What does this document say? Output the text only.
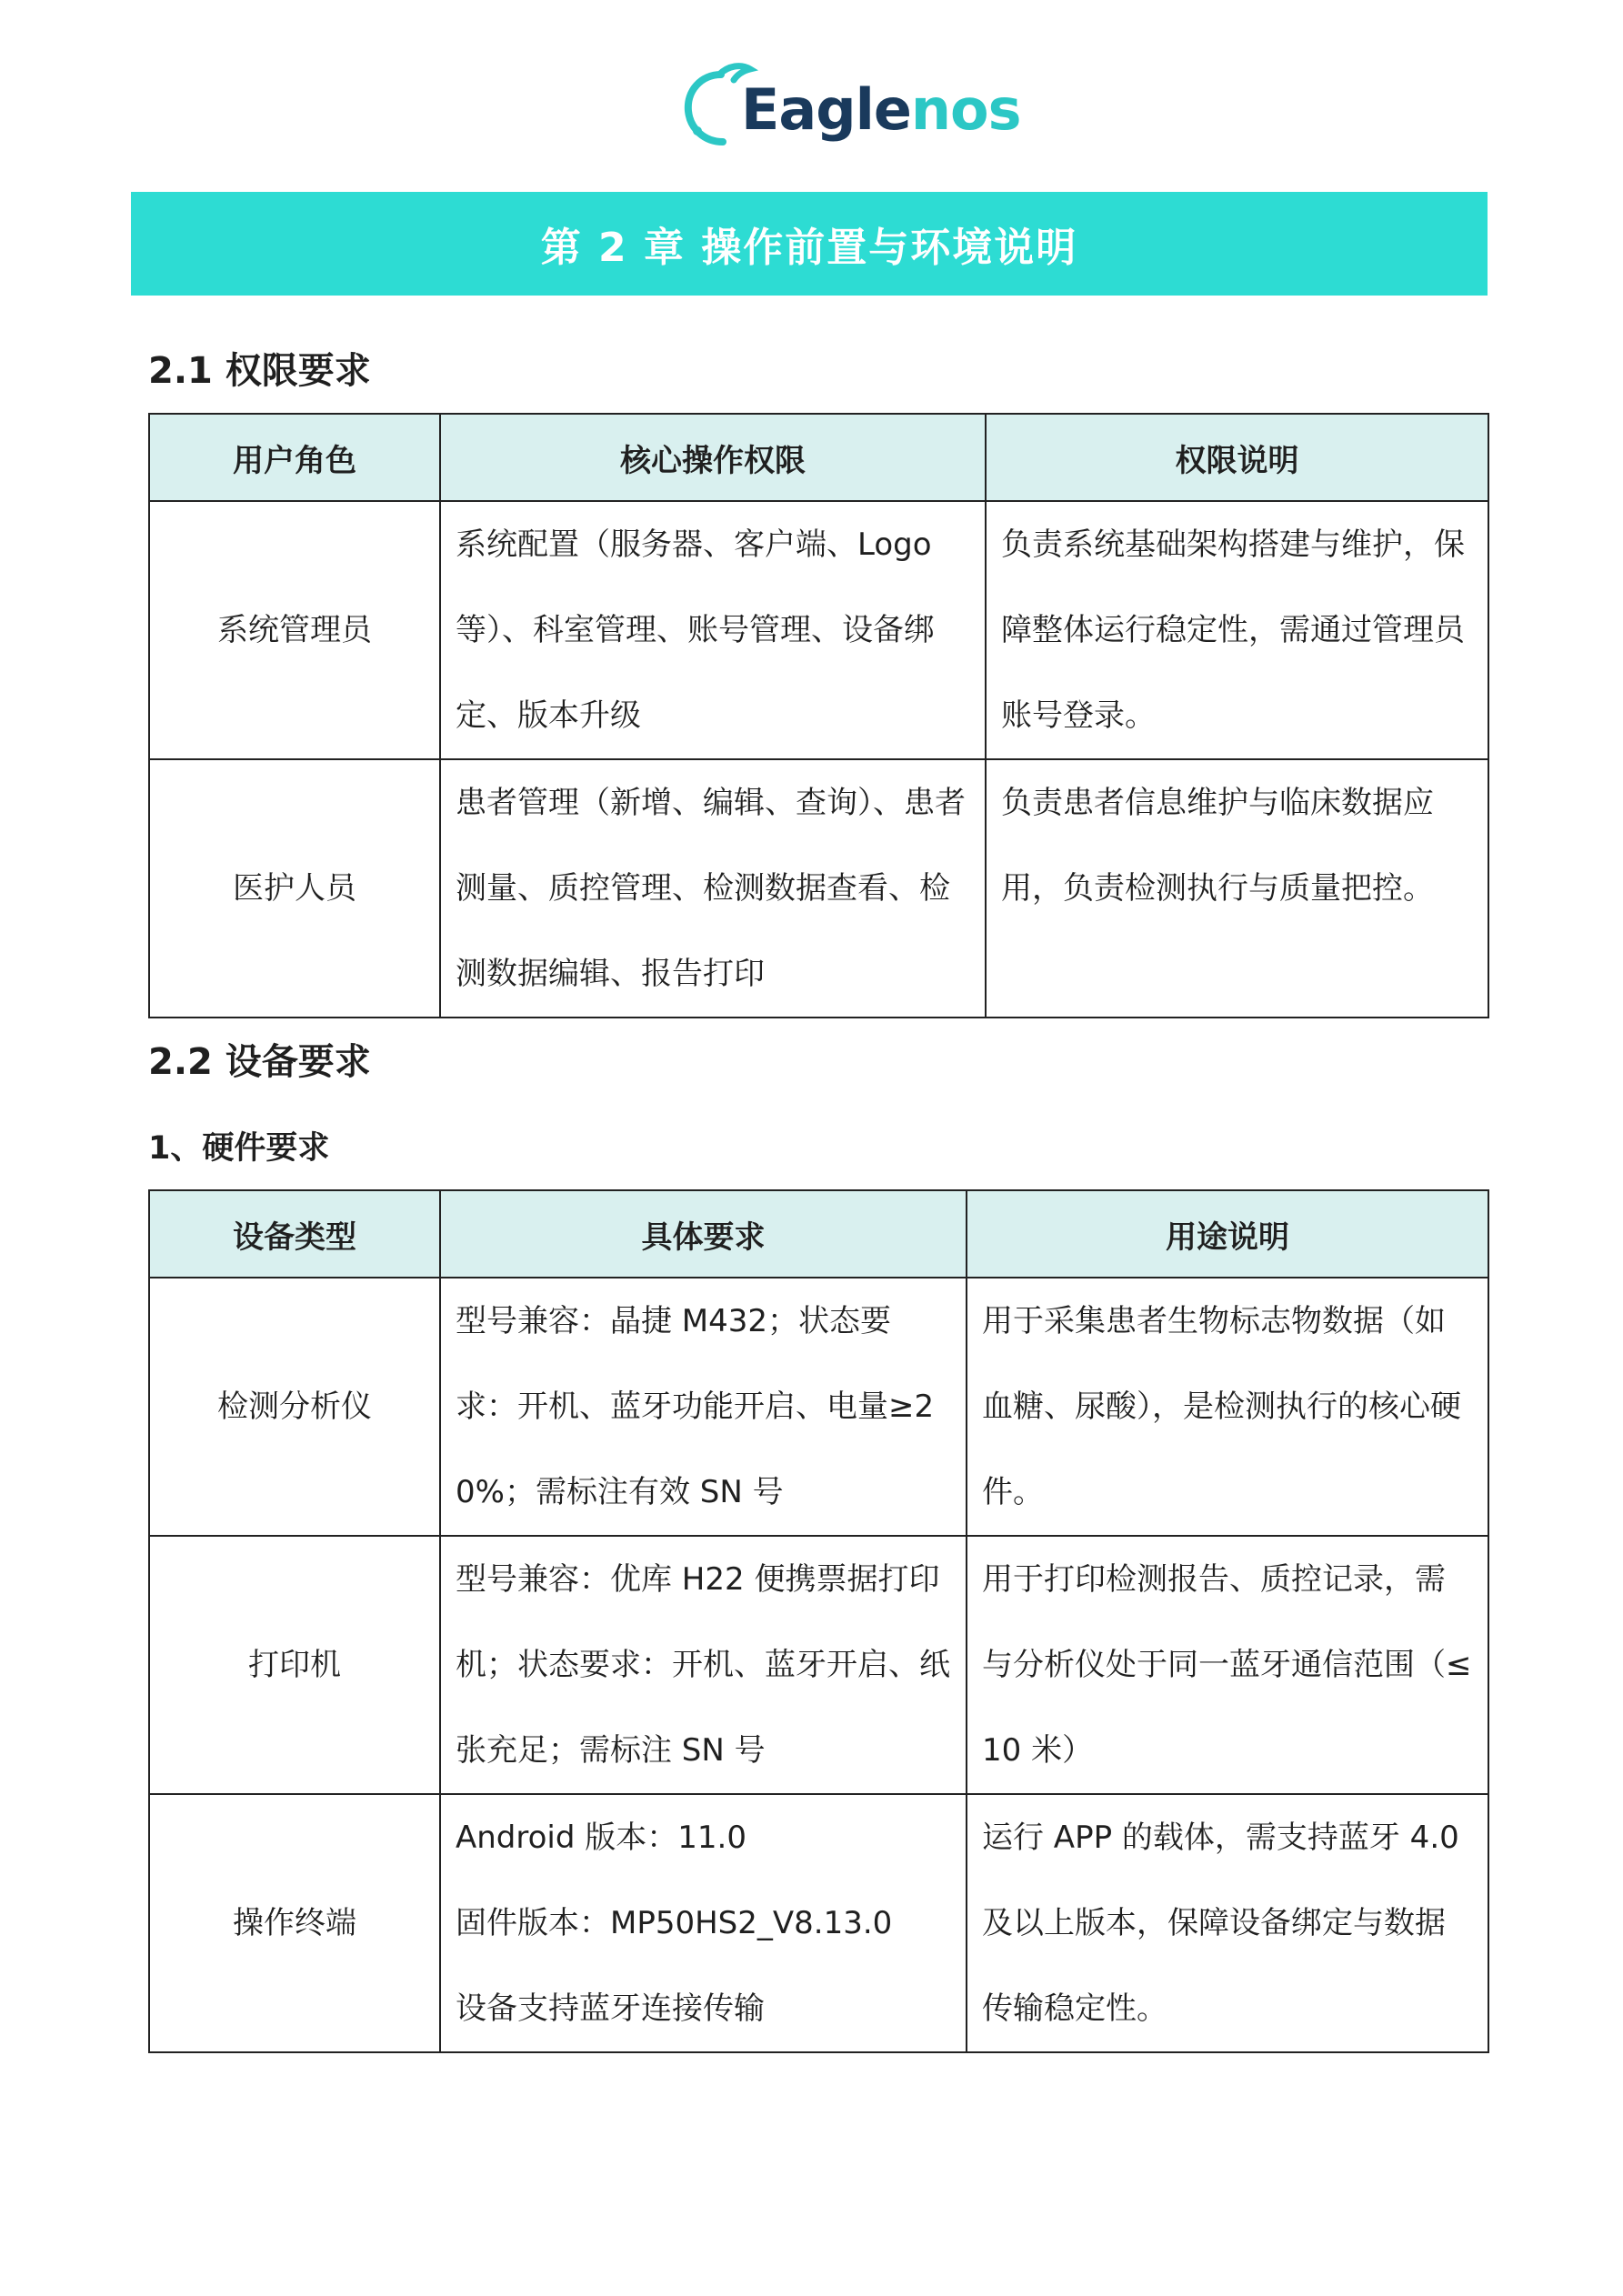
Eaglenos
第 2 章 操作前置与环境说明
2.1 权限要求
用户角色	核心操作权限	权限说明

系统管理员	系统配置（服务器、客户端、Logo 等）、科室管理、账号管理、设备绑定、版本升级	负责系统基础架构搭建与维护，保障整体运行稳定性，需通过管理员账号登录。

医护人员	患者管理（新增、编辑、查询）、患者测量、质控管理、检测数据查看、检测数据编辑、报告打印	负责患者信息维护与临床数据应用，负责检测执行与质量把控。
2.2 设备要求
1、硬件要求
设备类型	具体要求	用途说明

检测分析仪	型号兼容：晶捷 M432；状态要求：开机、蓝牙功能开启、电量≥20%；需标注有效 SN 号	用于采集患者生物标志物数据（如血糖、尿酸），是检测执行的核心硬件。

打印机	型号兼容：优库 H22 便携票据打印机；状态要求：开机、蓝牙开启、纸张充足；需标注 SN 号	用于打印检测报告、质控记录，需与分析仪处于同一蓝牙通信范围（≤10 米）

操作终端	Android 版本：11.0
固件版本：MP50HS2_V8.13.0
设备支持蓝牙连接传输	运行 APP 的载体，需支持蓝牙 4.0 及以上版本，保障设备绑定与数据传输稳定性。
